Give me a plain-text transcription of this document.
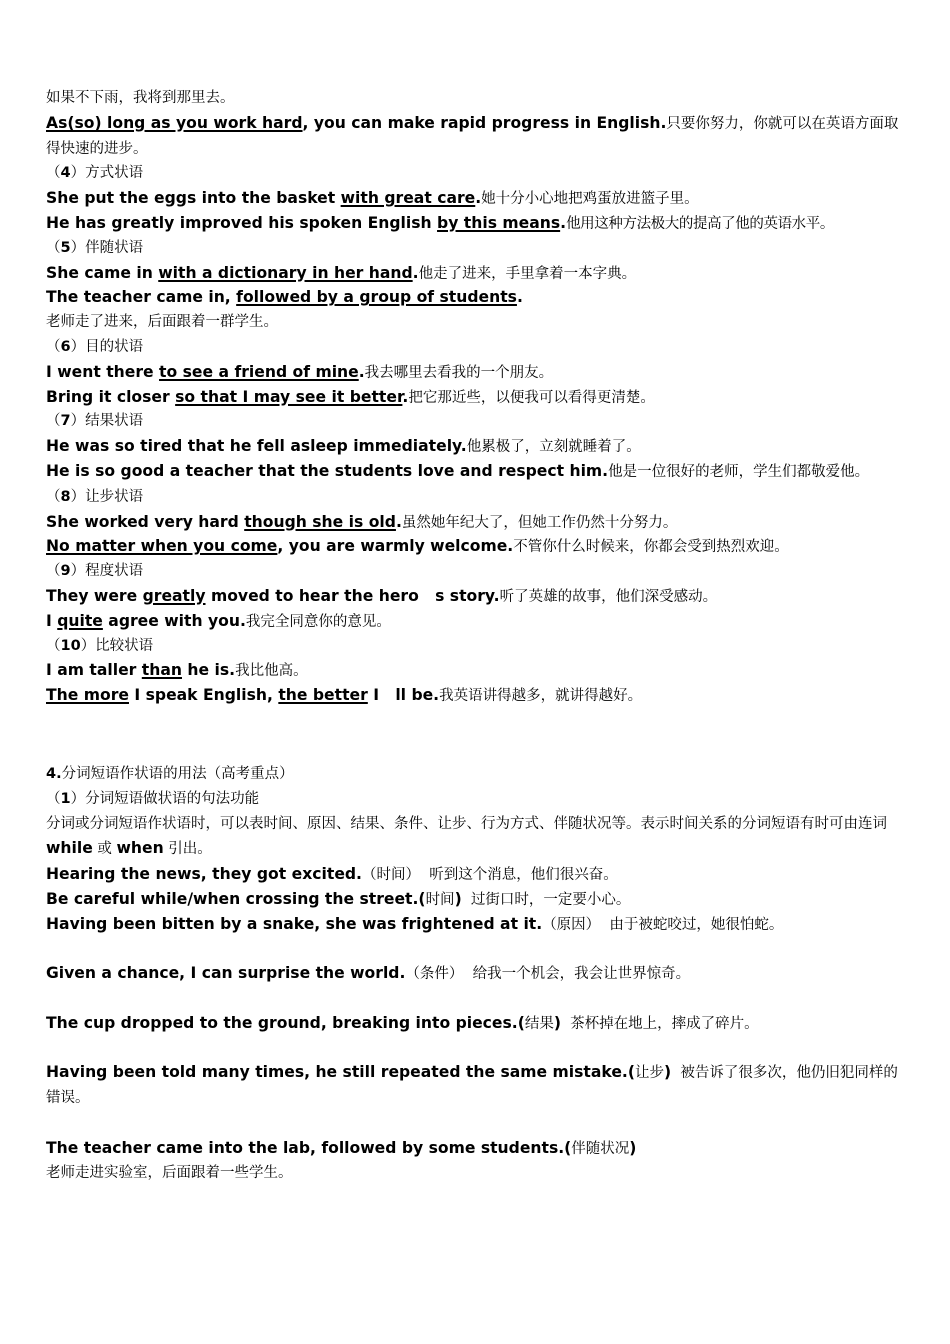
如果不下雨，我将到那里去。

As(so) long as you work hard, you can make rapid progress in English.只要你努力，你就可以在英语方面取得快速的进步。

（4）方式状语

She put the eggs into the basket with great care.她十分小心地把鸡蛋放进篮子里。

He has greatly improved his spoken English by this means.他用这种方法极大的提高了他的英语水平。

（5）伴随状语

She came in with a dictionary in her hand.他走了进来，手里拿着一本字典。

The teacher came in, followed by a group of students.

老师走了进来，后面跟着一群学生。

（6）目的状语

I went there to see a friend of mine.我去哪里去看我的一个朋友。

Bring it closer so that I may see it better.把它那近些，以便我可以看得更清楚。

（7）结果状语

He was so tired that he fell asleep immediately.他累极了，立刻就睡着了。

He is so good a teacher that the students love and respect him.他是一位很好的老师，学生们都敬爱他。

（8）让步状语

She worked very hard though she is old.虽然她年纪大了，但她工作仍然十分努力。

No matter when you come, you are warmly welcome.不管你什么时候来，你都会受到热烈欢迎。

（9）程度状语

They were greatly moved to hear the hero   s story.听了英雄的故事，他们深受感动。

I quite agree with you.我完全同意你的意见。

（10）比较状语

I am taller than he is.我比他高。

The more I speak English, the better I   ll be.我英语讲得越多，就讲得越好。

4.分词短语作状语的用法（高考重点）

（1）分词短语做状语的句法功能

分词或分词短语作状语时，可以表时间、原因、结果、条件、让步、行为方式、伴随状况等。表示时间关系的分词短语有时可由连词 while 或 when 引出。

Hearing the news, they got excited.（时间）  听到这个消息，他们很兴奋。

Be careful while/when crossing the street.(时间)  过街口时，一定要小心。

Having been bitten by a snake, she was frightened at it.（原因）  由于被蛇咬过，她很怕蛇。

Given a chance, I can surprise the world.（条件）  给我一个机会，我会让世界惊奇。

The cup dropped to the ground, breaking into pieces.(结果)  茶杯掉在地上，摔成了碎片。

Having been told many times, he still repeated the same mistake.(让步)  被告诉了很多次，他仍旧犯同样的错误。

The teacher came into the lab, followed by some students.(伴随状况)

老师走进实验室，后面跟着一些学生。
